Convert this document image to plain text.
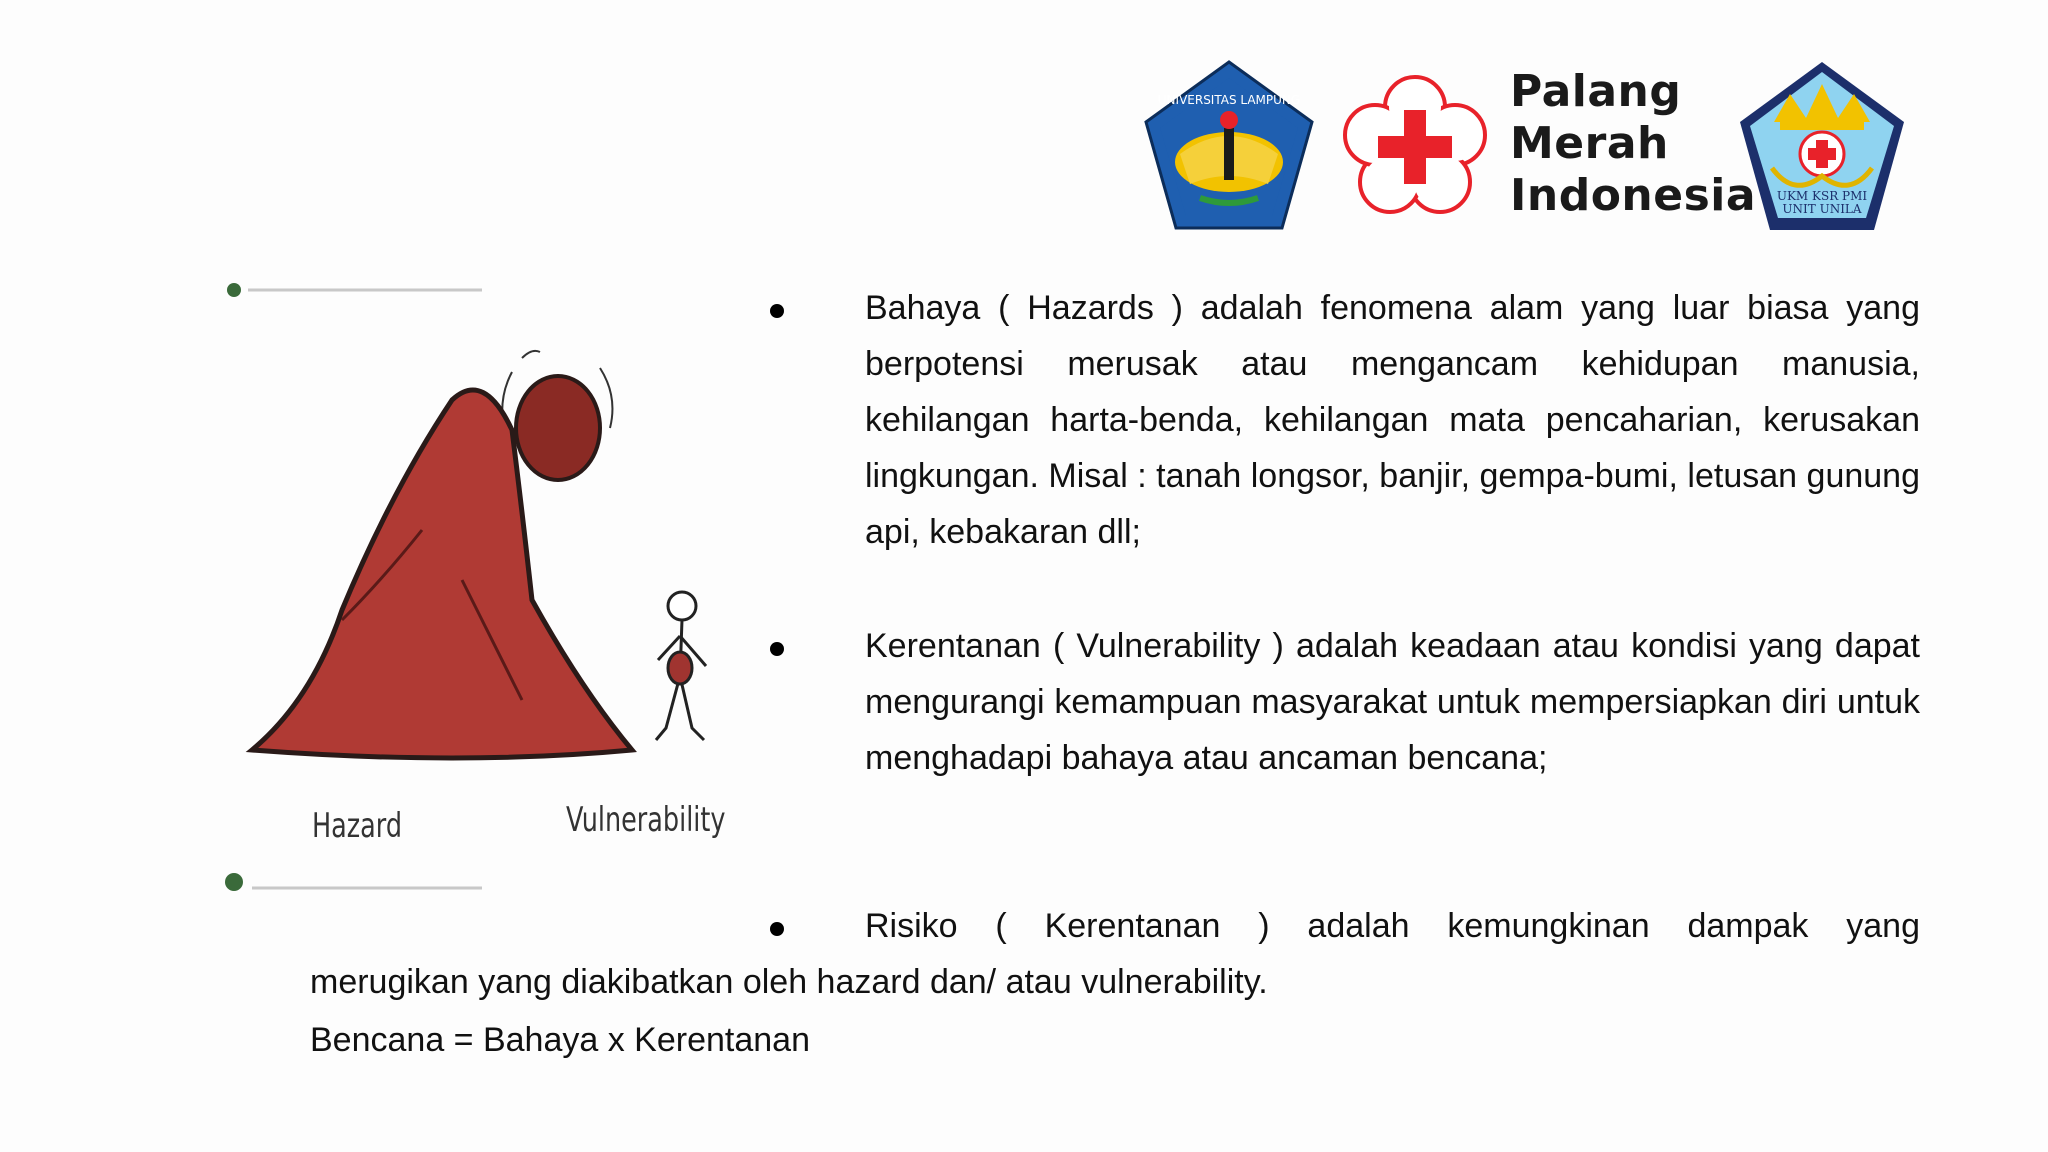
UNIVERSITAS LAMPUNG	Palang
Merah
Indonesia UKM KSR PMI
UNIT UNILA
Hazard	Vulnerability
Bahaya ( Hazards ) adalah fenomena alam yang luar biasa yang berpotensi merusak atau mengancam kehidupan manusia, kehilangan harta-benda, kehilangan mata pencaharian, kerusakan lingkungan. Misal : tanah longsor, banjir, gempa-bumi, letusan gunung api, kebakaran dll;
Kerentanan ( Vulnerability ) adalah keadaan atau kondisi yang dapat mengurangi kemampuan masyarakat untuk mempersiapkan diri untuk menghadapi bahaya atau ancaman bencana;
Risiko ( Kerentanan ) adalah kemungkinan dampak yang
merugikan yang diakibatkan oleh hazard dan/ atau vulnerability.
Bencana = Bahaya x Kerentanan
